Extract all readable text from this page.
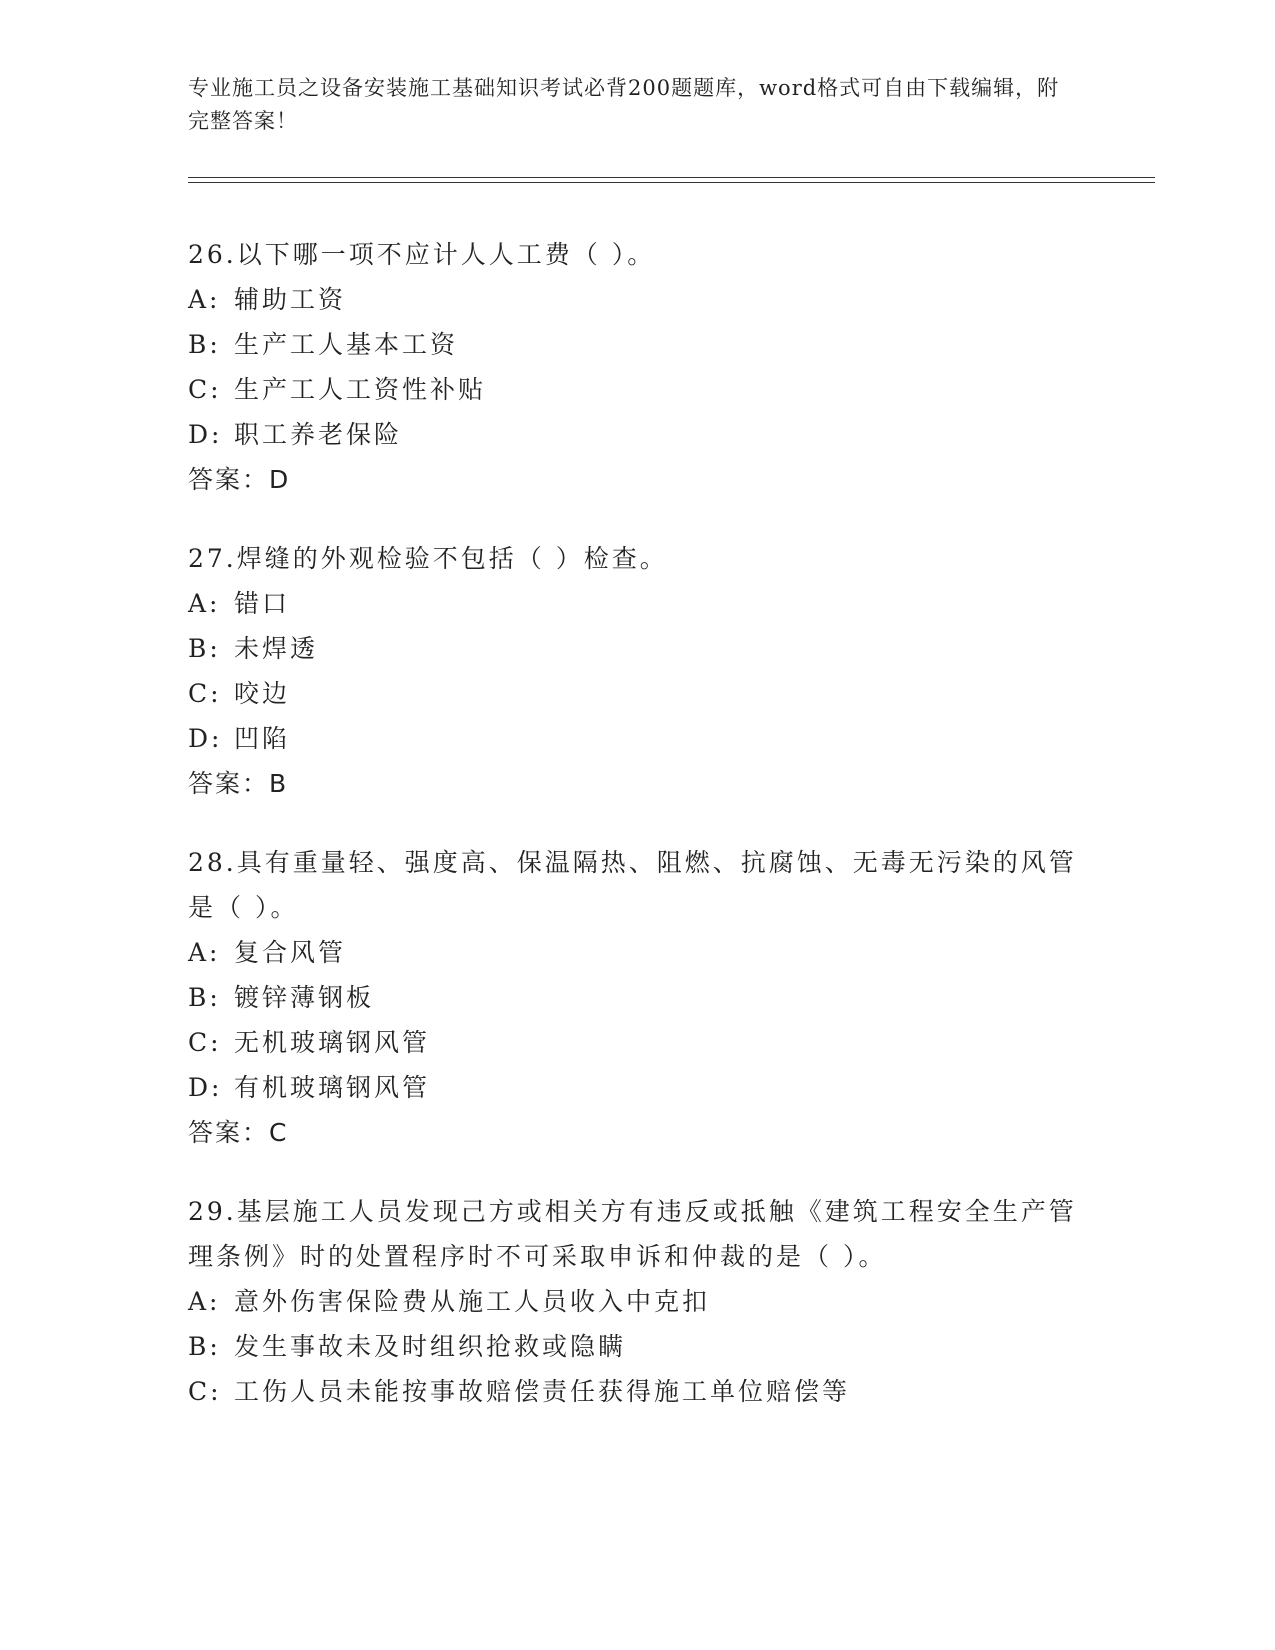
专业施工员之设备安装施工基础知识考试必背200题题库，word格式可自由下载编辑，附完整答案！

26.以下哪一项不应计人人工费（ ）。

A: 辅助工资

B: 生产工人基本工资

C: 生产工人工资性补贴

D: 职工养老保险

答案：D

27.焊缝的外观检验不包括（ ）检查。

A: 错口

B: 未焊透

C: 咬边

D: 凹陷

答案：B

28.具有重量轻、强度高、保温隔热、阻燃、抗腐蚀、无毒无污染的风管是（ ）。

A: 复合风管

B: 镀锌薄钢板

C: 无机玻璃钢风管

D: 有机玻璃钢风管

答案：C

29.基层施工人员发现己方或相关方有违反或抵触《建筑工程安全生产管理条例》时的处置程序时不可采取申诉和仲裁的是（ ）。

A: 意外伤害保险费从施工人员收入中克扣

B: 发生事故未及时组织抢救或隐瞒

C: 工伤人员未能按事故赔偿责任获得施工单位赔偿等
